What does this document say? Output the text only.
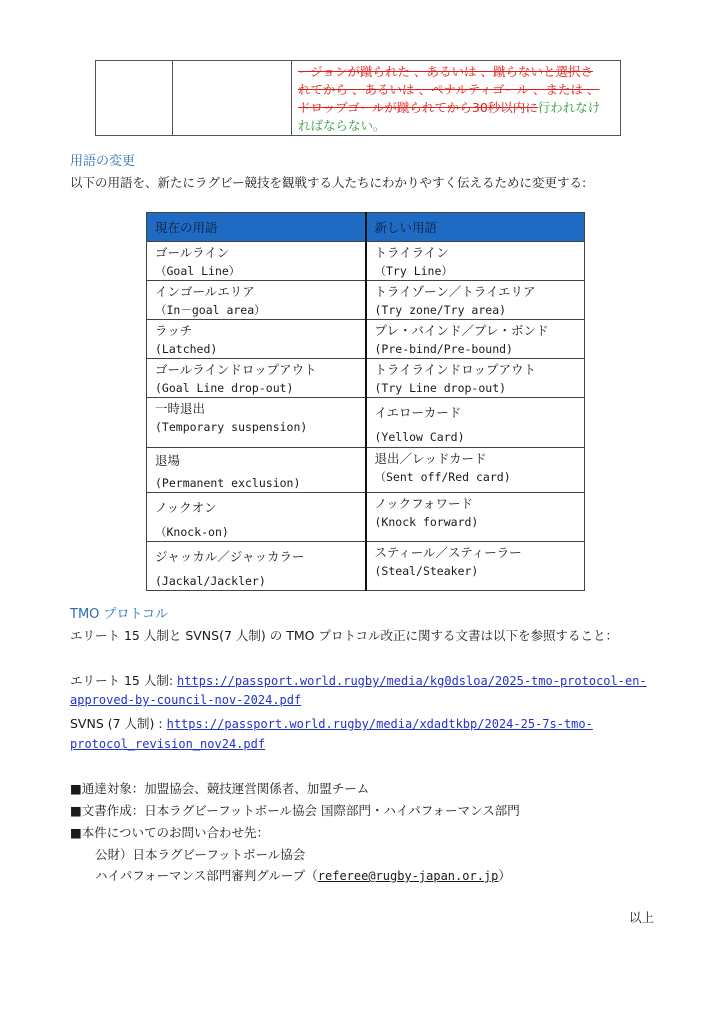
ージョンが蹴られた 、あるいは 、蹴らないと選択さ
れてから 、あるいは 、ペナルティゴール 、または 、
ドロップゴールが蹴られてから30秒以内に行われなけ
ればならない。
用語の変更
以下の用語を、新たにラグビー競技を観戦する人たちにわかりやすく伝えるために変更する:
現在の用語	新しい用語

ゴールライン
（Goal Line）	トライライン
（Try Line）

インゴールエリア
（In－goal area）	トライゾーン／トライエリア
(Try zone/Try area)

ラッチ
(Latched)	プレ・バインド／プレ・ボンド
(Pre-bind/Pre-bound)

ゴールラインドロップアウト
(Goal Line drop-out)	トライラインドロップアウト
(Try Line drop-out)

一時退出
(Temporary suspension)	イエローカード
(Yellow Card)

退場
(Permanent exclusion)	退出／レッドカード
（Sent off/Red card)

ノックオン
（Knock-on)	ノックフォワード
(Knock forward)

ジャッカル／ジャッカラー
(Jackal/Jackler)	スティール／スティーラー
(Steal/Steaker)
TMO プロトコル
エリート 15 人制と SVNS(7 人制) の TMO プロトコル改正に関する文書は以下を参照すること：
エリート 15 人制: https://passport.world.rugby/media/kg0dsloa/2025-tmo-protocol-en-
approved-by-council-nov-2024.pdf
SVNS (7 人制) : https://passport.world.rugby/media/xdadtkbp/2024-25-7s-tmo-
protocol_revision_nov24.pdf
■通達対象：加盟協会、競技運営関係者、加盟チーム
■文書作成：日本ラグビーフットボール協会 国際部門・ハイパフォーマンス部門
■本件についてのお問い合わせ先：
公財）日本ラグビーフットボール協会
ハイパフォーマンス部門審判グループ（referee@rugby-japan.or.jp）
以上
